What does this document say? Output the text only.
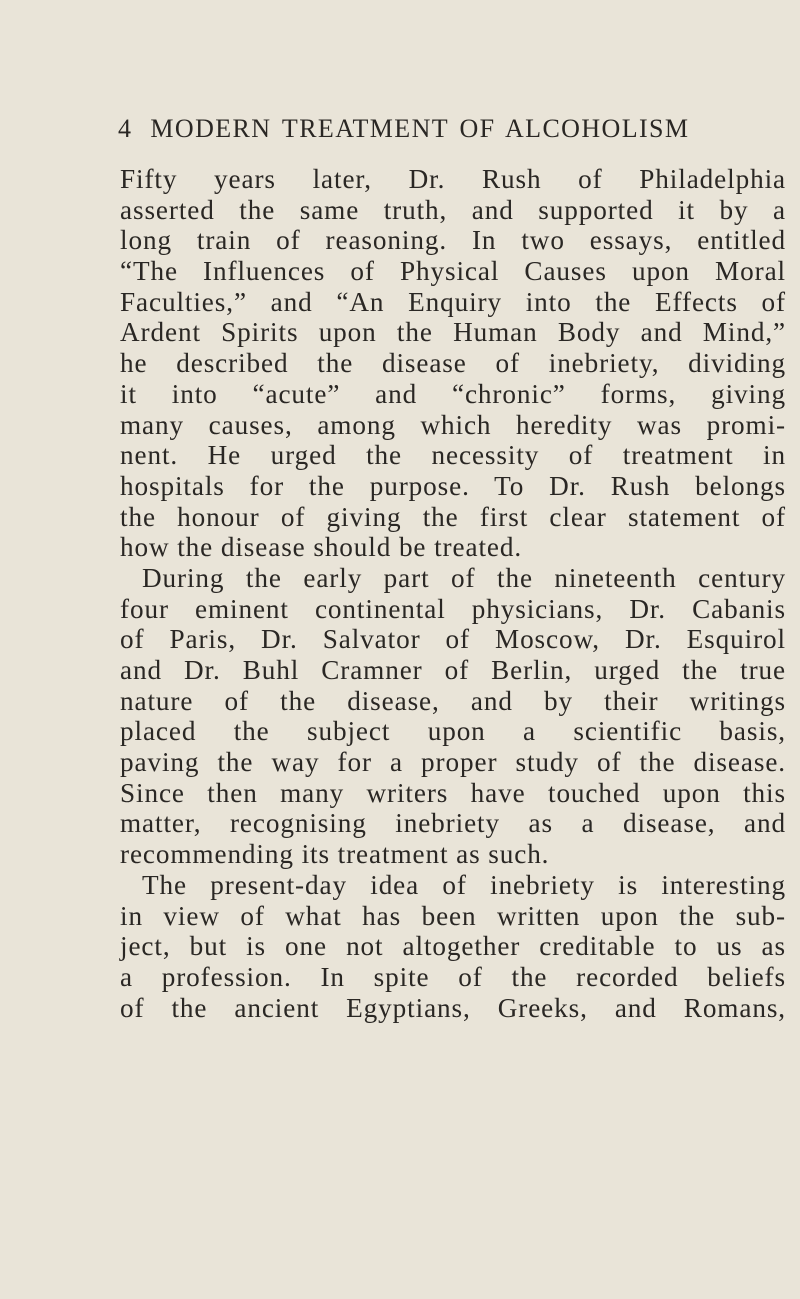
4 MODERN TREATMENT OF ALCOHOLISM
Fifty years later, Dr. Rush of Philadelphia
asserted the same truth, and supported it by a
long train of reasoning. In two essays, entitled
“The Influences of Physical Causes upon Moral
Faculties,” and “An Enquiry into the Effects of
Ardent Spirits upon the Human Body and Mind,”
he described the disease of inebriety, dividing
it into “acute” and “chronic” forms, giving
many causes, among which heredity was promi-
nent. He urged the necessity of treatment in
hospitals for the purpose. To Dr. Rush belongs
the honour of giving the first clear statement of
how the disease should be treated.
During the early part of the nineteenth century
four eminent continental physicians, Dr. Cabanis
of Paris, Dr. Salvator of Moscow, Dr. Esquirol
and Dr. Buhl Cramner of Berlin, urged the true
nature of the disease, and by their writings
placed the subject upon a scientific basis,
paving the way for a proper study of the disease.
Since then many writers have touched upon this
matter, recognising inebriety as a disease, and
recommending its treatment as such.
The present-day idea of inebriety is interesting
in view of what has been written upon the sub-
ject, but is one not altogether creditable to us as
a profession. In spite of the recorded beliefs
of the ancient Egyptians, Greeks, and Romans,
